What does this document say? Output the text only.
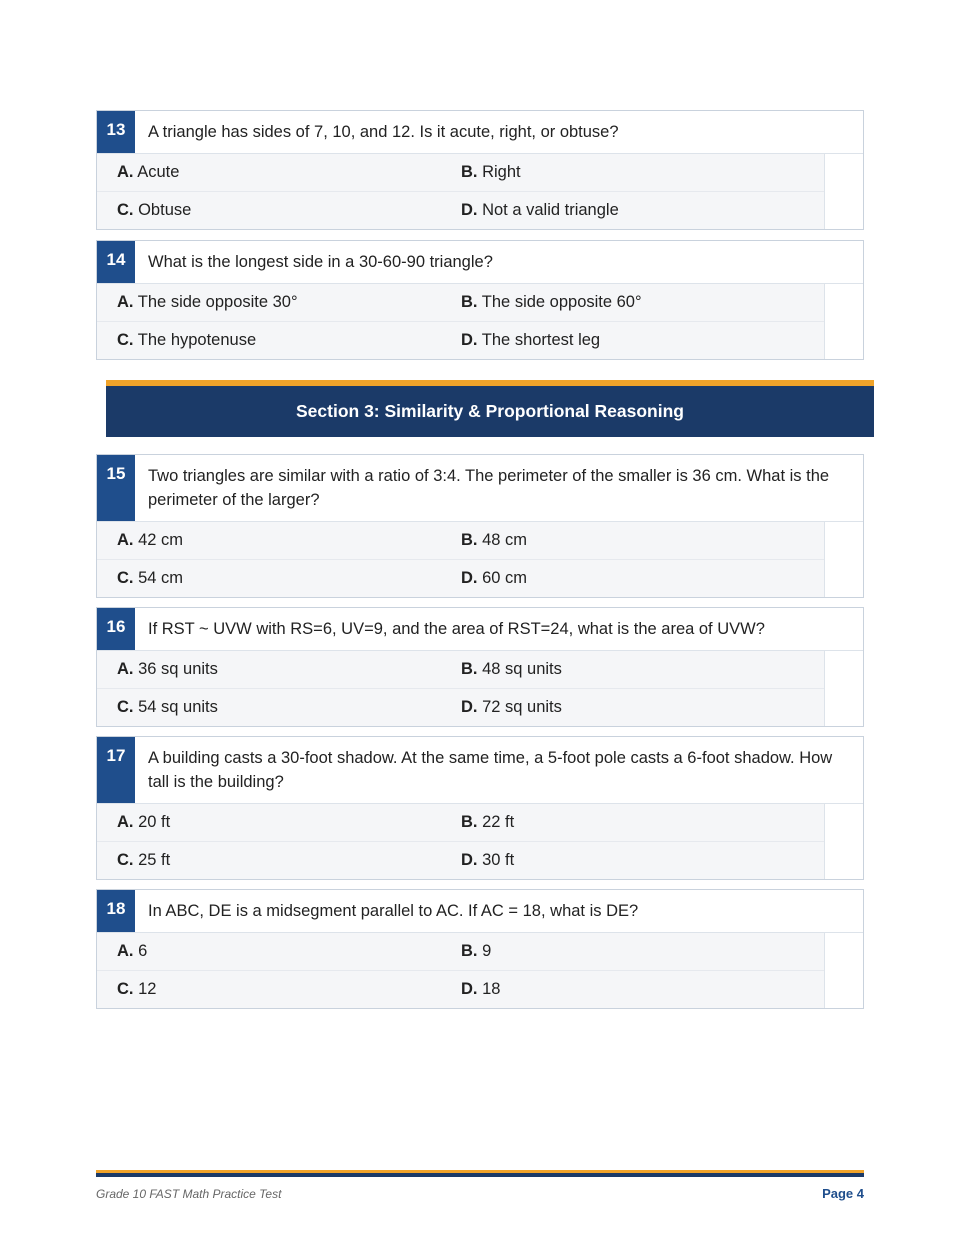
13	A triangle has sides of 7, 10, and 12. Is it acute, right, or obtuse?
A. Acute	B. Right
C. Obtuse	D. Not a valid triangle
14	What is the longest side in a 30-60-90 triangle?
A. The side opposite 30°	B. The side opposite 60°
C. The hypotenuse	D. The shortest leg
Section 3: Similarity & Proportional Reasoning
15	Two triangles are similar with a ratio of 3:4. The perimeter of the smaller is 36 cm. What is the perimeter of the larger?
A. 42 cm	B. 48 cm
C. 54 cm	D. 60 cm
16	If RST ~ UVW with RS=6, UV=9, and the area of RST=24, what is the area of UVW?
A. 36 sq units	B. 48 sq units
C. 54 sq units	D. 72 sq units
17	A building casts a 30-foot shadow. At the same time, a 5-foot pole casts a 6-foot shadow. How tall is the building?
A. 20 ft	B. 22 ft
C. 25 ft	D. 30 ft
18	In ABC, DE is a midsegment parallel to AC. If AC = 18, what is DE?
A. 6	B. 9
C. 12	D. 18
Grade 10 FAST Math Practice Test	Page 4
